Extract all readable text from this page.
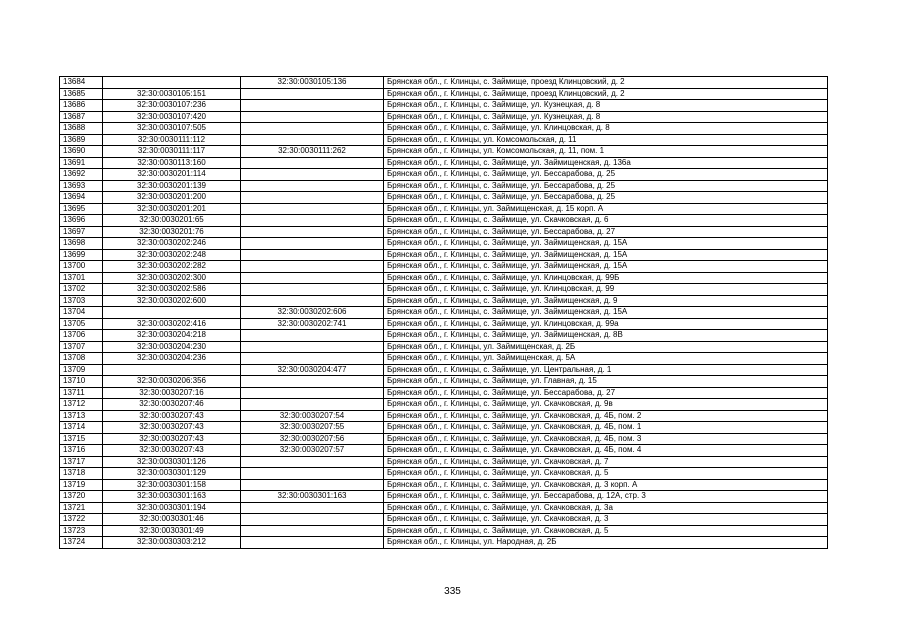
13684		32:30:0030105:136	Брянская обл., г. Клинцы, с. Займище, проезд Клинцовский, д. 2
13685	32:30:0030105:151		Брянская обл., г. Клинцы, с. Займище, проезд Клинцовский, д. 2
13686	32:30:0030107:236		Брянская обл., г. Клинцы, с. Займище, ул. Кузнецкая, д. 8
13687	32:30:0030107:420		Брянская обл., г. Клинцы, с. Займище, ул. Кузнецкая, д. 8
13688	32:30:0030107:505		Брянская обл., г. Клинцы, с. Займище, ул. Клинцовская, д. 8
13689	32:30:0030111:112		Брянская обл., г. Клинцы, ул. Комсомольская, д. 11
13690	32:30:0030111:117	32:30:0030111:262	Брянская обл., г. Клинцы, ул. Комсомольская, д. 11, пом. 1
13691	32:30:0030113:160		Брянская обл., г. Клинцы, с. Займище, ул. Займищенская, д. 136а
13692	32:30:0030201:114		Брянская обл., г. Клинцы, с. Займище, ул. Бессарабова, д. 25
13693	32:30:0030201:139		Брянская обл., г. Клинцы, с. Займище, ул. Бессарабова, д. 25
13694	32:30:0030201:200		Брянская обл., г. Клинцы, с. Займище, ул. Бессарабова, д. 25
13695	32:30:0030201:201		Брянская обл., г. Клинцы, ул. Займищенская, д. 15 корп. А
13696	32:30:0030201:65		Брянская обл., г. Клинцы, с. Займище, ул. Скачковская, д. 6
13697	32:30:0030201:76		Брянская обл., г. Клинцы, с. Займище, ул. Бессарабова, д. 27
13698	32:30:0030202:246		Брянская обл., г. Клинцы, с. Займище, ул. Займищенская, д. 15А
13699	32:30:0030202:248		Брянская обл., г. Клинцы, с. Займище, ул. Займищенская, д. 15А
13700	32:30:0030202:282		Брянская обл., г. Клинцы, с. Займище, ул. Займищенская, д. 15А
13701	32:30:0030202:300		Брянская обл., г. Клинцы, с. Займище, ул. Клинцовская, д. 99Б
13702	32:30:0030202:586		Брянская обл., г. Клинцы, с. Займище, ул. Клинцовская, д. 99
13703	32:30:0030202:600		Брянская обл., г. Клинцы, с. Займище, ул. Займищенская, д. 9
13704		32:30:0030202:606	Брянская обл., г. Клинцы, с. Займище, ул. Займищенская, д. 15А
13705	32:30:0030202:416	32:30:0030202:741	Брянская обл., г. Клинцы, с. Займище, ул. Клинцовская, д. 99а
13706	32:30:0030204:218		Брянская обл., г. Клинцы, с. Займище, ул. Займищенская, д. 8В
13707	32:30:0030204:230		Брянская обл., г. Клинцы, ул. Займищенская, д. 2Б
13708	32:30:0030204:236		Брянская обл., г. Клинцы, ул. Займищенская, д. 5А
13709		32:30:0030204:477	Брянская обл., г. Клинцы, с. Займище, ул. Центральная, д. 1
13710	32:30:0030206:356		Брянская обл., г. Клинцы, с. Займище, ул. Главная, д. 15
13711	32:30:0030207:16		Брянская обл., г. Клинцы, с. Займище, ул. Бессарабова, д. 27
13712	32:30:0030207:46		Брянская обл., г. Клинцы, с. Займище, ул. Скачковская, д. 9в
13713	32:30:0030207:43	32:30:0030207:54	Брянская обл., г. Клинцы, с. Займище, ул. Скачковская, д. 4Б, пом. 2
13714	32:30:0030207:43	32:30:0030207:55	Брянская обл., г. Клинцы, с. Займище, ул. Скачковская, д. 4Б, пом. 1
13715	32:30:0030207:43	32:30:0030207:56	Брянская обл., г. Клинцы, с. Займище, ул. Скачковская, д. 4Б, пом. 3
13716	32:30:0030207:43	32:30:0030207:57	Брянская обл., г. Клинцы, с. Займище, ул. Скачковская, д. 4Б, пом. 4
13717	32:30:0030301:126		Брянская обл., г. Клинцы, с. Займище, ул. Скачковская, д. 7
13718	32:30:0030301:129		Брянская обл., г. Клинцы, с. Займище, ул. Скачковская, д. 5
13719	32:30:0030301:158		Брянская обл., г. Клинцы, с. Займище, ул. Скачковская, д. 3 корп. А
13720	32:30:0030301:163	32:30:0030301:163	Брянская обл., г. Клинцы, с. Займище, ул. Бессарабова, д. 12А, стр. 3
13721	32:30:0030301:194		Брянская обл., г. Клинцы, с. Займище, ул. Скачковская, д. 3а
13722	32:30:0030301:46		Брянская обл., г. Клинцы, с. Займище, ул. Скачковская, д. 3
13723	32:30:0030301:49		Брянская обл., г. Клинцы, с. Займище, ул. Скачковская, д. 5
13724	32:30:0030303:212		Брянская обл., г. Клинцы, ул. Народная, д. 2Б
335
